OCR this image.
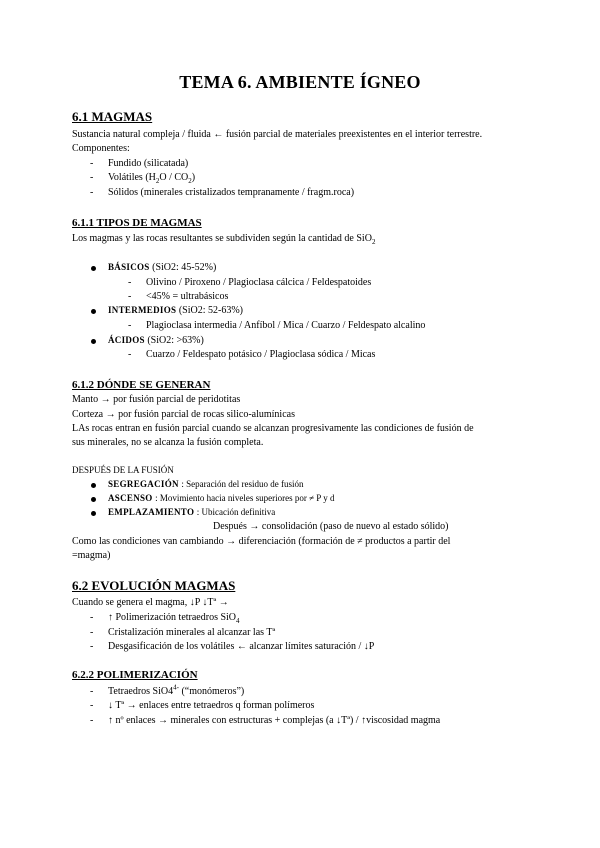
TEMA 6. AMBIENTE ÍGNEO
6.1 MAGMAS
Sustancia natural compleja / fluida ← fusión parcial de materiales preexistentes en el interior terrestre.
Componentes:
- Fundido (silicatada)
- Volátiles $(H_2O / CO_2)$
- Sólidos (minerales cristalizados tempranamente / fragm.roca)
6.1.1 TIPOS DE MAGMAS
Los magmas y las rocas resultantes se subdividen según la cantidad de SiO$_2$
BÁSICOS (SiO2: 45-52%)
- Olivino / Piroxeno / Plagioclasa cálcica / Feldespatoides
- <45% = ultrabásicos
INTERMEDIOS (SiO2: 52-63%)
- Plagioclasa intermedia / Anfíbol / Mica / Cuarzo / Feldespato alcalino
ÁCIDOS (SiO2: >63%)
- Cuarzo / Feldespato potásico / Plagioclasa sódica / Micas
6.1.2 DÓNDE SE GENERAN
Manto → por fusión parcial de peridotitas
Corteza → por fusión parcial de rocas silico-alumínicas
LAs rocas entran en fusión parcial cuando se alcanzan progresivamente las condiciones de fusión de
sus minerales, no se alcanza la fusión completa.
DESPUÉS DE LA FUSIÓN
SEGREGACIÓN : Separación del residuo de fusión
ASCENSO : Movimiento hacia niveles superiores por ≠ P y d
EMPLAZAMIENTO : Ubicación definitiva
Después → consolidación (paso de nuevo al estado sólido)
Como las condiciones van cambiando → diferenciación (formación de ≠ productos a partir del
=magma)
6.2 EVOLUCIÓN MAGMAS
Cuando se genera el magma, ↓P ↓Tª →
- ↑ Polimerización tetraedros SiO$_4$
- Cristalización minerales al alcanzar las Tª
- Desgasificación de los volátiles ← alcanzar límites saturación / ↓P
6.2.2 POLIMERIZACIÓN
- Tetraedros $SiO4^{4-}$ (“monómeros”)
- ↓ Tª → enlaces entre tetraedros q forman polímeros
- ↑ nº enlaces → minerales con estructuras + complejas (a ↓Tª) / ↑viscosidad magma
